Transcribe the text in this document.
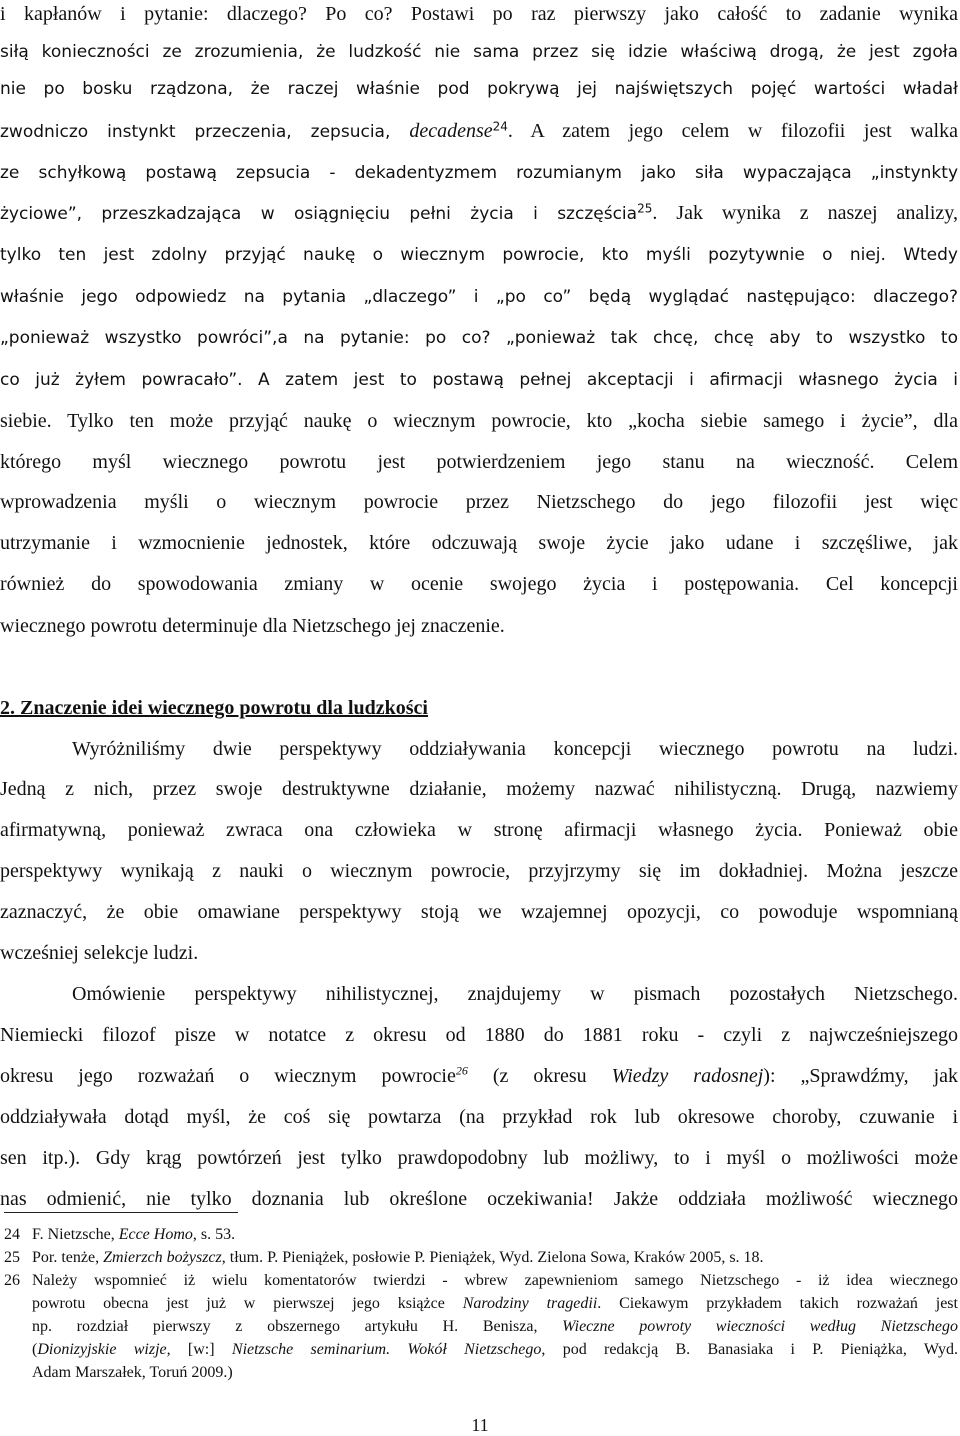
i kapłanów i pytanie: dlaczego? Po co? Postawi po raz pierwszy jako całość to zadanie wynika
siłą konieczności ze zrozumienia, że ludzkość nie sama przez się idzie właściwą drogą, że jest zgoła
nie po bosku rządzona, że raczej właśnie pod pokrywą jej najświętszych pojęć wartości władał
zwodniczo instynkt przeczenia, zepsucia, decadense$^{24}$. A zatem jego celem w filozofii jest walka
ze schyłkową postawą zepsucia - dekadentyzmem rozumianym jako siła wypaczająca „instynkty
życiowe”, przeszkadzająca w osiągnięciu pełni życia i szczęścia$^{25}$. Jak wynika z naszej analizy,
tylko ten jest zdolny przyjąć naukę o wiecznym powrocie, kto myśli pozytywnie o niej. Wtedy
właśnie jego odpowiedz na pytania „dlaczego” i „po co” będą wyglądać następująco: dlaczego?
„ponieważ wszystko powróci”,a na pytanie: po co? „ponieważ tak chcę, chcę aby to wszystko to
co już żyłem powracało”. A zatem jest to postawą pełnej akceptacji i afirmacji własnego życia i
siebie. Tylko ten może przyjąć naukę o wiecznym powrocie, kto „kocha siebie samego i życie”, dla
którego myśl wiecznego powrotu jest potwierdzeniem jego stanu na wieczność. Celem
wprowadzenia myśli o wiecznym powrocie przez Nietzschego do jego filozofii jest więc
utrzymanie i wzmocnienie jednostek, które odczuwają swoje życie jako udane i szczęśliwe, jak
również do spowodowania zmiany w ocenie swojego życia i postępowania. Cel koncepcji
wiecznego powrotu determinuje dla Nietzschego jej znaczenie.
2. Znaczenie idei wiecznego powrotu dla ludzkości
Wyróżniliśmy dwie perspektywy oddziaływania koncepcji wiecznego powrotu na ludzi.
Jedną z nich, przez swoje destruktywne działanie, możemy nazwać nihilistyczną. Drugą, nazwiemy
afirmatywną, ponieważ zwraca ona człowieka w stronę afirmacji własnego życia. Ponieważ obie
perspektywy wynikają z nauki o wiecznym powrocie, przyjrzymy się im dokładniej. Można jeszcze
zaznaczyć, że obie omawiane perspektywy stoją we wzajemnej opozycji, co powoduje wspomnianą
wcześniej selekcje ludzi.
Omówienie perspektywy nihilistycznej, znajdujemy w pismach pozostałych Nietzschego.
Niemiecki filozof pisze w notatce z okresu od 1880 do 1881 roku - czyli z najwcześniejszego
okresu jego rozważań o wiecznym powrocie$^{26}$ (z okresu Wiedzy radosnej): „Sprawdźmy, jak
oddziaływała dotąd myśl, że coś się powtarza (na przykład rok lub okresowe choroby, czuwanie i
sen itp.). Gdy krąg powtórzeń jest tylko prawdopodobny lub możliwy, to i myśl o możliwości może
nas odmienić, nie tylko doznania lub określone oczekiwania! Jakże oddziała możliwość wiecznego
24 F. Nietzsche, Ecce Homo, s. 53.
25 Por. tenże, Zmierzch bożyszcz, tłum. P. Pieniążek, posłowie P. Pieniążek, Wyd. Zielona Sowa, Kraków 2005, s. 18.
26 Należy wspomnieć iż wielu komentatorów twierdzi - wbrew zapewnieniom samego Nietzschego - iż idea wiecznego
powrotu obecna jest już w pierwszej jego książce Narodziny tragedii. Ciekawym przykładem takich rozważań jest
np. rozdział pierwszy z obszernego artykułu H. Benisza, Wieczne powroty wieczności według Nietzschego
(Dionizyjskie wizje, [w:] Nietzsche seminarium. Wokół Nietzschego, pod redakcją B. Banasiaka i P. Pieniążka, Wyd.
Adam Marszałek, Toruń 2009.)
11
